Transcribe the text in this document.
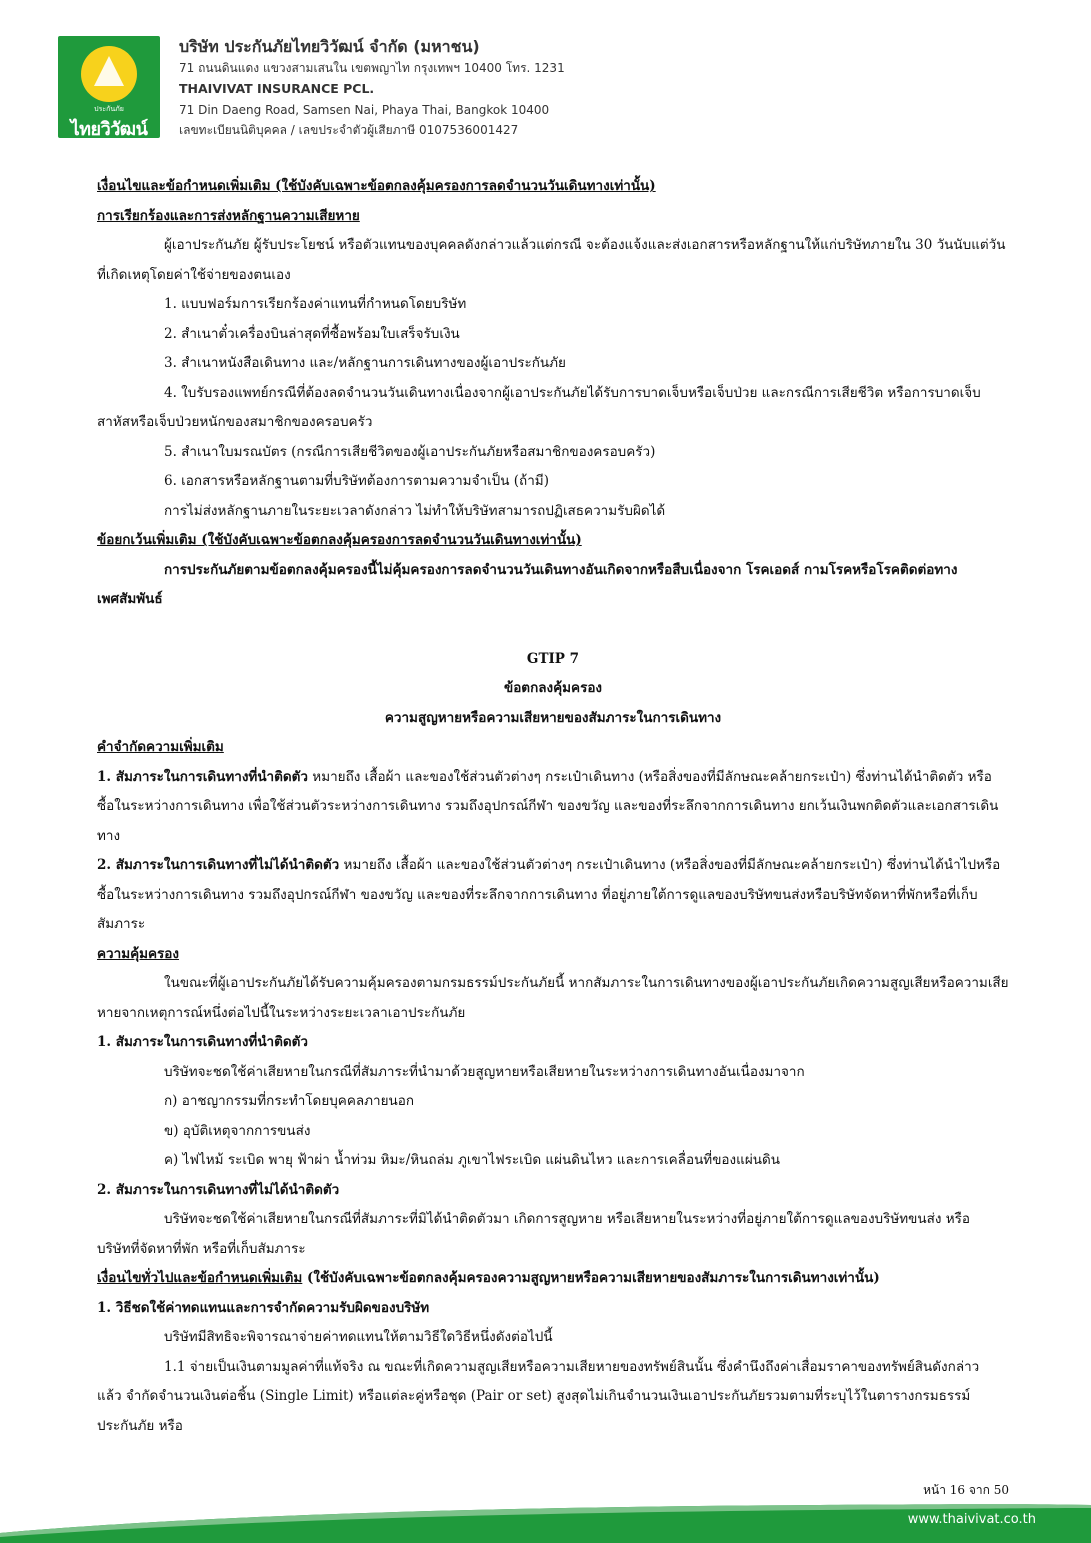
ประกันภัย
ไทยวิวัฒน์
บริษัท ประกันภัยไทยวิวัฒน์ จำกัด (มหาชน)
71 ถนนดินแดง แขวงสามเสนใน เขตพญาไท กรุงเทพฯ 10400 โทร. 1231
THAIVIVAT INSURANCE PCL.
71 Din Daeng Road, Samsen Nai, Phaya Thai, Bangkok 10400
เลขทะเบียนนิติบุคคล / เลขประจำตัวผู้เสียภาษี 0107536001427

เงื่อนไขและข้อกำหนดเพิ่มเติม (ใช้บังคับเฉพาะข้อตกลงคุ้มครองการลดจำนวนวันเดินทางเท่านั้น)

การเรียกร้องและการส่งหลักฐานความเสียหาย

ผู้เอาประกันภัย ผู้รับประโยชน์ หรือตัวแทนของบุคคลดังกล่าวแล้วแต่กรณี จะต้องแจ้งและส่งเอกสารหรือหลักฐานให้แก่บริษัทภายใน 30 วันนับแต่วันที่เกิดเหตุโดยค่าใช้จ่ายของตนเอง

1. แบบฟอร์มการเรียกร้องค่าแทนที่กำหนดโดยบริษัท

2. สำเนาตั๋วเครื่องบินล่าสุดที่ซื้อพร้อมใบเสร็จรับเงิน

3. สำเนาหนังสือเดินทาง และ/หลักฐานการเดินทางของผู้เอาประกันภัย

4. ใบรับรองแพทย์กรณีที่ต้องลดจำนวนวันเดินทางเนื่องจากผู้เอาประกันภัยได้รับการบาดเจ็บหรือเจ็บป่วย และกรณีการเสียชีวิต หรือการบาดเจ็บ

สาหัสหรือเจ็บป่วยหนักของสมาชิกของครอบครัว

5. สำเนาใบมรณบัตร (กรณีการเสียชีวิตของผู้เอาประกันภัยหรือสมาชิกของครอบครัว)

6. เอกสารหรือหลักฐานตามที่บริษัทต้องการตามความจำเป็น (ถ้ามี)

การไม่ส่งหลักฐานภายในระยะเวลาดังกล่าว ไม่ทำให้บริษัทสามารถปฏิเสธความรับผิดได้

ข้อยกเว้นเพิ่มเติม (ใช้บังคับเฉพาะข้อตกลงคุ้มครองการลดจำนวนวันเดินทางเท่านั้น)

การประกันภัยตามข้อตกลงคุ้มครองนี้ไม่คุ้มครองการลดจำนวนวันเดินทางอันเกิดจากหรือสืบเนื่องจาก โรคเอดส์ กามโรคหรือโรคติดต่อทาง

เพศสัมพันธ์

GTIP 7

ข้อตกลงคุ้มครอง

ความสูญหายหรือความเสียหายของสัมภาระในการเดินทาง

คำจำกัดความเพิ่มเติม

1. สัมภาระในการเดินทางที่นำติดตัว หมายถึง เสื้อผ้า และของใช้ส่วนตัวต่างๆ กระเป๋าเดินทาง (หรือสิ่งของที่มีลักษณะคล้ายกระเป๋า) ซึ่งท่านได้นำติดตัว หรือซื้อในระหว่างการเดินทาง เพื่อใช้ส่วนตัวระหว่างการเดินทาง รวมถึงอุปกรณ์กีฬา ของขวัญ และของที่ระลึกจากการเดินทาง ยกเว้นเงินพกติดตัวและเอกสารเดินทาง

2. สัมภาระในการเดินทางที่ไม่ได้นำติดตัว หมายถึง เสื้อผ้า และของใช้ส่วนตัวต่างๆ กระเป๋าเดินทาง (หรือสิ่งของที่มีลักษณะคล้ายกระเป๋า) ซึ่งท่านได้นำไปหรือซื้อในระหว่างการเดินทาง รวมถึงอุปกรณ์กีฬา ของขวัญ และของที่ระลึกจากการเดินทาง ที่อยู่ภายใต้การดูแลของบริษัทขนส่งหรือบริษัทจัดหาที่พักหรือที่เก็บสัมภาระ

ความคุ้มครอง

ในขณะที่ผู้เอาประกันภัยได้รับความคุ้มครองตามกรมธรรม์ประกันภัยนี้ หากสัมภาระในการเดินทางของผู้เอาประกันภัยเกิดความสูญเสียหรือความเสียหายจากเหตุการณ์หนึ่งต่อไปนี้ในระหว่างระยะเวลาเอาประกันภัย

1. สัมภาระในการเดินทางที่นำติดตัว

บริษัทจะชดใช้ค่าเสียหายในกรณีที่สัมภาระที่นำมาด้วยสูญหายหรือเสียหายในระหว่างการเดินทางอันเนื่องมาจาก

ก) อาชญากรรมที่กระทำโดยบุคคลภายนอก

ข) อุบัติเหตุจากการขนส่ง

ค) ไฟไหม้ ระเบิด พายุ ฟ้าผ่า น้ำท่วม หิมะ/หินถล่ม ภูเขาไฟระเบิด แผ่นดินไหว และการเคลื่อนที่ของแผ่นดิน

2. สัมภาระในการเดินทางที่ไม่ได้นำติดตัว

บริษัทจะชดใช้ค่าเสียหายในกรณีที่สัมภาระที่มิได้นำติดตัวมา เกิดการสูญหาย หรือเสียหายในระหว่างที่อยู่ภายใต้การดูแลของบริษัทขนส่ง หรือ

บริษัทที่จัดหาที่พัก หรือที่เก็บสัมภาระ

เงื่อนไขทั่วไปและข้อกำหนดเพิ่มเติม (ใช้บังคับเฉพาะข้อตกลงคุ้มครองความสูญหายหรือความเสียหายของสัมภาระในการเดินทางเท่านั้น)

1. วิธีชดใช้ค่าทดแทนและการจำกัดความรับผิดของบริษัท

บริษัทมีสิทธิจะพิจารณาจ่ายค่าทดแทนให้ตามวิธีใดวิธีหนึ่งดังต่อไปนี้

1.1 จ่ายเป็นเงินตามมูลค่าที่แท้จริง ณ ขณะที่เกิดความสูญเสียหรือความเสียหายของทรัพย์สินนั้น ซึ่งคำนึงถึงค่าเสื่อมราคาของทรัพย์สินดังกล่าว

แล้ว จำกัดจำนวนเงินต่อชิ้น (Single Limit) หรือแต่ละคู่หรือชุด (Pair or set) สูงสุดไม่เกินจำนวนเงินเอาประกันภัยรวมตามที่ระบุไว้ในตารางกรมธรรม์

ประกันภัย หรือ

หน้า 16 จาก 50
www.thaivivat.co.th
